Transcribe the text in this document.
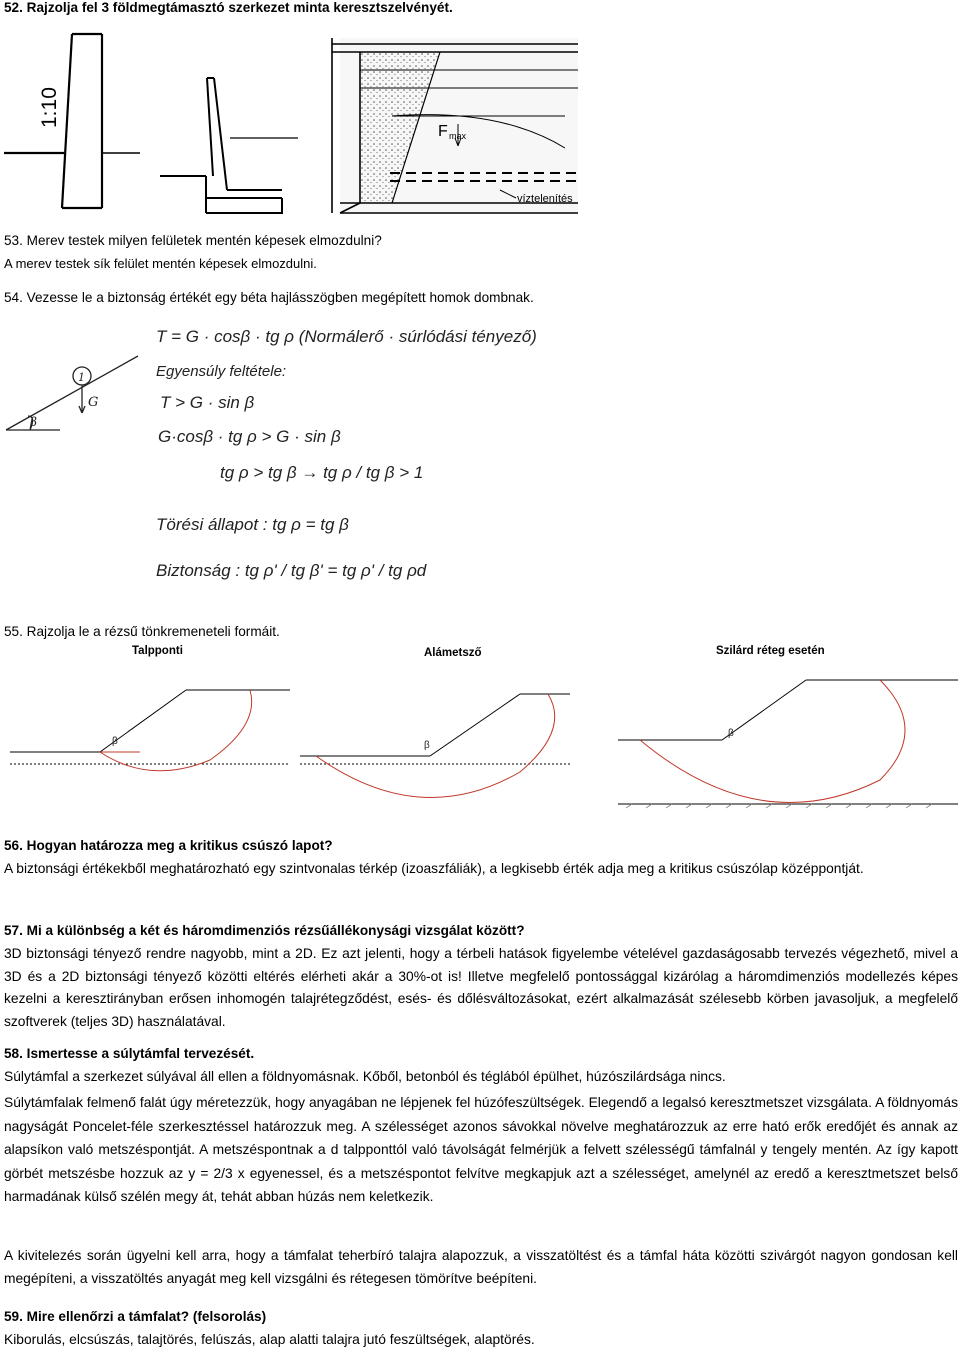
52. Rajzolja fel 3 földmegtámasztó szerkezet minta keresztszelvényét.
1:10
F max
víztelenítés
53. Merev testek milyen felületek mentén képesek elmozdulni?
A merev testek sík felület mentén képesek elmozdulni.
54. Vezesse le a biztonság értékét egy béta hajlásszögben megépített homok dombnak.
β
1
G
T = G · cosβ · tg ρ (Normálerő · súrlódási tényező)
Egyensúly feltétele:
T > G · sin β
G·cosβ · tg ρ > G · sin β
tg ρ > tg β → tg ρ / tg β > 1
Törési állapot : tg ρ = tg β
Biztonság : tg ρ' / tg β' = tg ρ' / tg ρd
55. Rajzolja le a rézsű tönkremeneteli formáit.
Talpponti
β
Alámetsző
β
Szilárd réteg esetén
β
56. Hogyan határozza meg a kritikus csúszó lapot?
A biztonsági értékekből meghatározható egy szintvonalas térkép (izoaszfáliák), a legkisebb érték adja meg a kritikus csúszólap középpontját.
57. Mi a különbség a két és háromdimenziós rézsűállékonysági vizsgálat között?
3D biztonsági tényező rendre nagyobb, mint a 2D. Ez azt jelenti, hogy a térbeli hatások figyelembe vételével gazdaságosabb tervezés végezhető, mivel a 3D és a 2D biztonsági tényező közötti eltérés elérheti akár a 30%-ot is! Illetve megfelelő pontossággal kizárólag a háromdimenziós modellezés képes kezelni a keresztirányban erősen inhomogén talajrétegződést, esés- és dőlésváltozásokat, ezért alkalmazását szélesebb körben javasoljuk, a megfelelő szoftverek (teljes 3D) használatával.
58. Ismertesse a súlytámfal tervezését.
Súlytámfal a szerkezet súlyával áll ellen a földnyomásnak. Kőből, betonból és téglából épülhet, húzószilárdsága nincs.
Súlytámfalak felmenő falát úgy méretezzük, hogy anyagában ne lépjenek fel húzófeszültségek. Elegendő a legalsó keresztmetszet vizsgálata. A földnyomás nagyságát Poncelet-féle szerkesztéssel határozzuk meg. A szélességet azonos sávokkal növelve meghatározzuk az erre ható erők eredőjét és annak az alapsíkon való metszéspontját. A metszéspontnak a d talpponttól való távolságát felmérjük a felvett szélességű támfalnál y tengely mentén. Az így kapott görbét metszésbe hozzuk az y = 2/3 x egyenessel, és a metszéspontot felvítve megkapjuk azt a szélességet, amelynél az eredő a keresztmetszet belső harmadának külső szélén megy át, tehát abban húzás nem keletkezik.
A kivitelezés során ügyelni kell arra, hogy a támfalat teherbíró talajra alapozzuk, a visszatöltést és a támfal háta közötti szivárgót nagyon gondosan kell megépíteni, a visszatöltés anyagát meg kell vizsgálni és rétegesen tömörítve beépíteni.
59. Mire ellenőrzi a támfalat? (felsorolás)
Kiborulás, elcsúszás, talajtörés, felúszás, alap alatti talajra jutó feszültségek, alaptörés.
